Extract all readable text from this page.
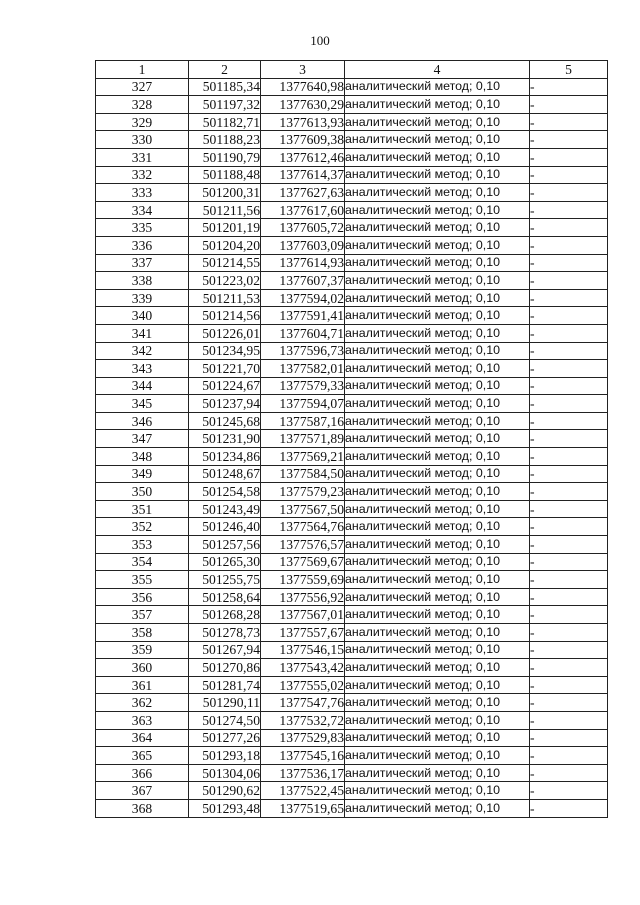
100
1	2	3	4	5
327	501185,34	1377640,98	аналитический метод; 0,10	-
328	501197,32	1377630,29	аналитический метод; 0,10	-
329	501182,71	1377613,93	аналитический метод; 0,10	-
330	501188,23	1377609,38	аналитический метод; 0,10	-
331	501190,79	1377612,46	аналитический метод; 0,10	-
332	501188,48	1377614,37	аналитический метод; 0,10	-
333	501200,31	1377627,63	аналитический метод; 0,10	-
334	501211,56	1377617,60	аналитический метод; 0,10	-
335	501201,19	1377605,72	аналитический метод; 0,10	-
336	501204,20	1377603,09	аналитический метод; 0,10	-
337	501214,55	1377614,93	аналитический метод; 0,10	-
338	501223,02	1377607,37	аналитический метод; 0,10	-
339	501211,53	1377594,02	аналитический метод; 0,10	-
340	501214,56	1377591,41	аналитический метод; 0,10	-
341	501226,01	1377604,71	аналитический метод; 0,10	-
342	501234,95	1377596,73	аналитический метод; 0,10	-
343	501221,70	1377582,01	аналитический метод; 0,10	-
344	501224,67	1377579,33	аналитический метод; 0,10	-
345	501237,94	1377594,07	аналитический метод; 0,10	-
346	501245,68	1377587,16	аналитический метод; 0,10	-
347	501231,90	1377571,89	аналитический метод; 0,10	-
348	501234,86	1377569,21	аналитический метод; 0,10	-
349	501248,67	1377584,50	аналитический метод; 0,10	-
350	501254,58	1377579,23	аналитический метод; 0,10	-
351	501243,49	1377567,50	аналитический метод; 0,10	-
352	501246,40	1377564,76	аналитический метод; 0,10	-
353	501257,56	1377576,57	аналитический метод; 0,10	-
354	501265,30	1377569,67	аналитический метод; 0,10	-
355	501255,75	1377559,69	аналитический метод; 0,10	-
356	501258,64	1377556,92	аналитический метод; 0,10	-
357	501268,28	1377567,01	аналитический метод; 0,10	-
358	501278,73	1377557,67	аналитический метод; 0,10	-
359	501267,94	1377546,15	аналитический метод; 0,10	-
360	501270,86	1377543,42	аналитический метод; 0,10	-
361	501281,74	1377555,02	аналитический метод; 0,10	-
362	501290,11	1377547,76	аналитический метод; 0,10	-
363	501274,50	1377532,72	аналитический метод; 0,10	-
364	501277,26	1377529,83	аналитический метод; 0,10	-
365	501293,18	1377545,16	аналитический метод; 0,10	-
366	501304,06	1377536,17	аналитический метод; 0,10	-
367	501290,62	1377522,45	аналитический метод; 0,10	-
368	501293,48	1377519,65	аналитический метод; 0,10	-
